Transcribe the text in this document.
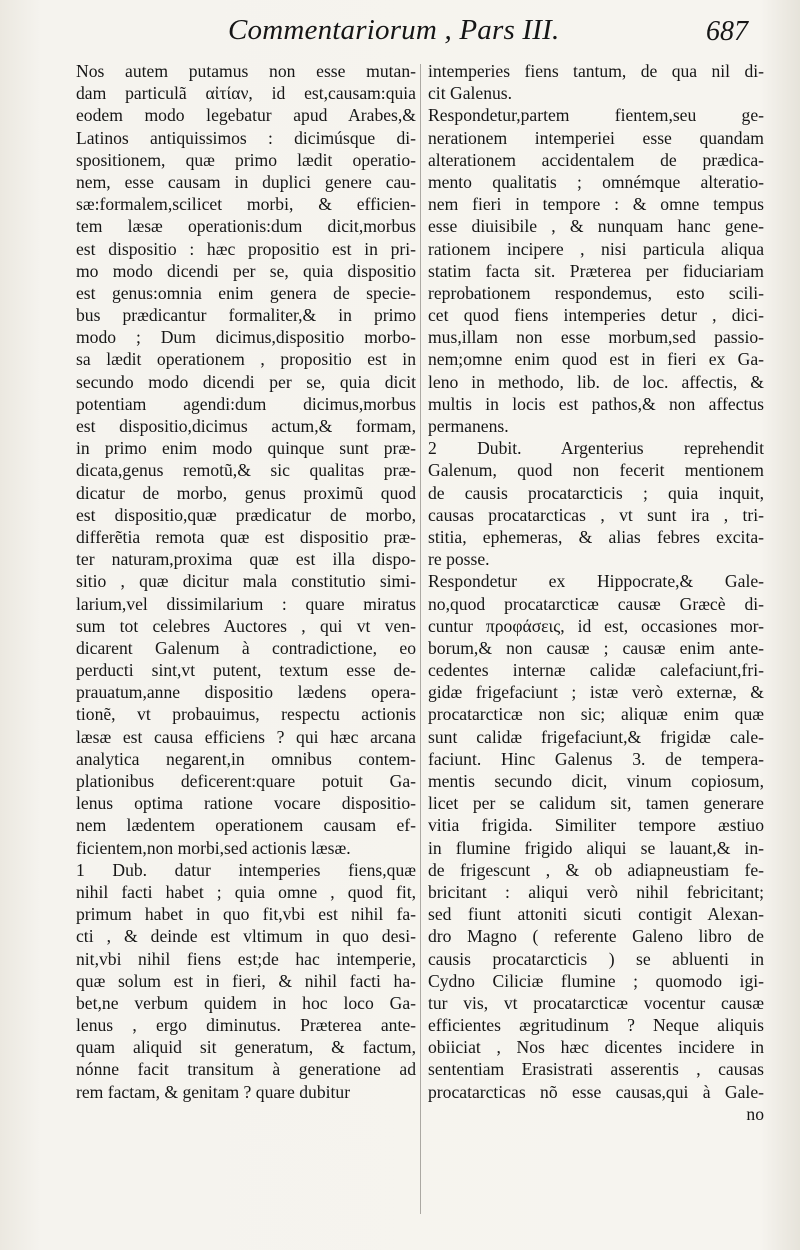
Commentariorum , Pars III.	687
Nos autem putamus non esse mutan-
dam particulã αἰτίαν, id est,causam:quia
eodem modo legebatur apud Arabes,&
Latinos antiquissimos : dicimúsque di-
spositionem, quæ primo lædit operatio-
nem, esse causam in duplici genere cau-
sæ:formalem,scilicet morbi, & efficien-
tem læsæ operationis:dum dicit,morbus
est dispositio : hæc propositio est in pri-
mo modo dicendi per se, quia dispositio
est genus:omnia enim genera de specie-
bus prædicantur formaliter,& in primo
modo ; Dum dicimus,dispositio morbo-
sa lædit operationem , propositio est in
secundo modo dicendi per se, quia dicit
potentiam agendi:dum dicimus,morbus
est dispositio,dicimus actum,& formam,
in primo enim modo quinque sunt præ-
dicata,genus remotũ,& sic qualitas præ-
dicatur de morbo, genus proximũ quod
est dispositio,quæ prædicatur de morbo,
differẽtia remota quæ est dispositio præ-
ter naturam,proxima quæ est illa dispo-
sitio , quæ dicitur mala constitutio simi-
larium,vel dissimilarium : quare miratus
sum tot celebres Auctores , qui vt ven-
dicarent Galenum à contradictione, eo
perducti sint,vt putent, textum esse de-
prauatum,anne dispositio lædens opera-
tionẽ, vt probauimus, respectu actionis
læsæ est causa efficiens ? qui hæc arcana
analytica negarent,in omnibus contem-
plationibus deficerent:quare potuit Ga-
lenus optima ratione vocare dispositio-
nem lædentem operationem causam ef-
ficientem,non morbi,sed actionis læsæ.
1 Dub. datur intemperies fiens,quæ
nihil facti habet ; quia omne , quod fit,
primum habet in quo fit,vbi est nihil fa-
cti , & deinde est vltimum in quo desi-
nit,vbi nihil fiens est;de hac intemperie,
quæ solum est in fieri, & nihil facti ha-
bet,ne verbum quidem in hoc loco Ga-
lenus , ergo diminutus. Præterea ante-
quam aliquid sit generatum, & factum,
nónne facit transitum à generatione ad
rem factam, & genitam ? quare dubitur
intemperies fiens tantum, de qua nil di-
cit Galenus.
Respondetur,partem fientem,seu ge-
nerationem intemperiei esse quandam
alterationem accidentalem de prædica-
mento qualitatis ; omnémque alteratio-
nem fieri in tempore : & omne tempus
esse diuisibile , & nunquam hanc gene-
rationem incipere , nisi particula aliqua
statim facta sit. Præterea per fiduciariam
reprobationem respondemus, esto scili-
cet quod fiens intemperies detur , dici-
mus,illam non esse morbum,sed passio-
nem;omne enim quod est in fieri ex Ga-
leno in methodo, lib. de loc. affectis, &
multis in locis est pathos,& non affectus
permanens.
2 Dubit. Argenterius reprehendit
Galenum, quod non fecerit mentionem
de causis procatarcticis ; quia inquit,
causas procatarcticas , vt sunt ira , tri-
stitia, ephemeras, & alias febres excita-
re posse.
Respondetur ex Hippocrate,& Gale-
no,quod procatarcticæ causæ Græcè di-
cuntur προφάσεις, id est, occasiones mor-
borum,& non causæ ; causæ enim ante-
cedentes internæ calidæ calefaciunt,fri-
gidæ frigefaciunt ; istæ verò externæ, &
procatarcticæ non sic; aliquæ enim quæ
sunt calidæ frigefaciunt,& frigidæ cale-
faciunt. Hinc Galenus 3. de tempera-
mentis secundo dicit, vinum copiosum,
licet per se calidum sit, tamen generare
vitia frigida. Similiter tempore æstiuo
in flumine frigido aliqui se lauant,& in-
de frigescunt , & ob adiapneustiam fe-
bricitant : aliqui verò nihil febricitant;
sed fiunt attoniti sicuti contigit Alexan-
dro Magno ( referente Galeno libro de
causis procatarcticis ) se abluenti in
Cydno Ciliciæ flumine ; quomodo igi-
tur vis, vt procatarcticæ vocentur causæ
efficientes ægritudinum ? Neque aliquis
obiiciat , Nos hæc dicentes incidere in
sententiam Erasistrati asserentis , causas
procatarcticas nõ esse causas,qui à Gale-
no
